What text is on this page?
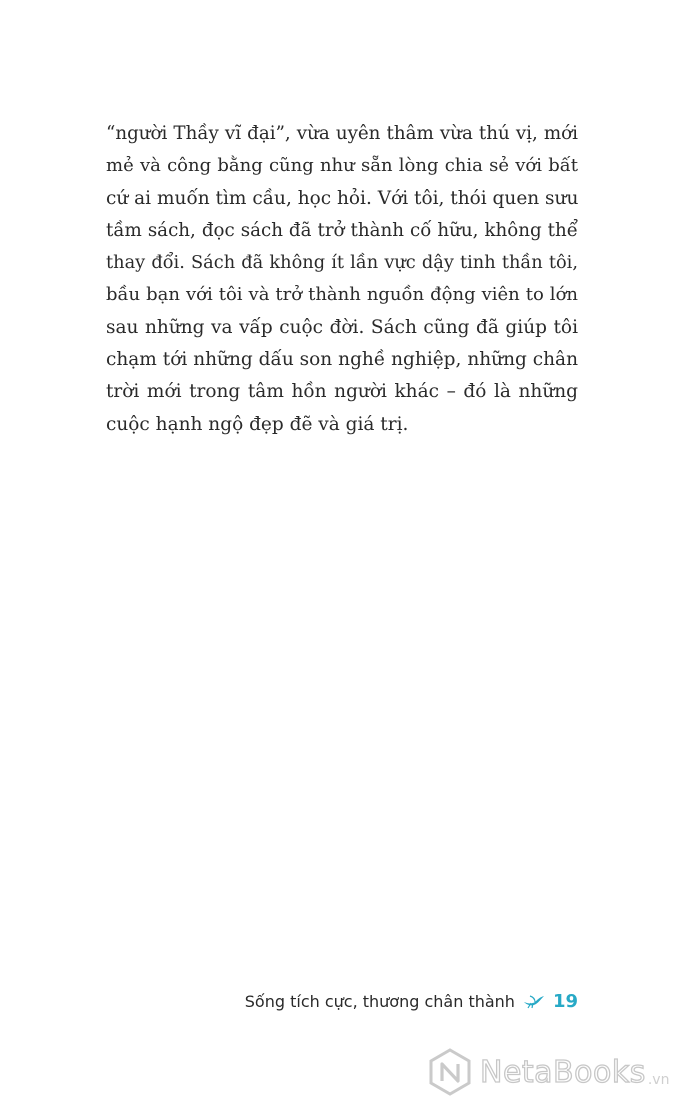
“người Thầy vĩ đại”, vừa uyên thâm vừa thú vị, mới
mẻ và công bằng cũng như sẵn lòng chia sẻ với bất
cứ ai muốn tìm cầu, học hỏi. Với tôi, thói quen sưu
tầm sách, đọc sách đã trở thành cố hữu, không thể
thay đổi. Sách đã không ít lần vực dậy tinh thần tôi,
bầu bạn với tôi và trở thành nguồn động viên to lớn
sau những va vấp cuộc đời. Sách cũng đã giúp tôi
chạm tới những dấu son nghề nghiệp, những chân
trời mới trong tâm hồn người khác – đó là những
cuộc hạnh ngộ đẹp đẽ và giá trị.
Sống tích cực, thương chân thành 19
NetaBooks .vn
